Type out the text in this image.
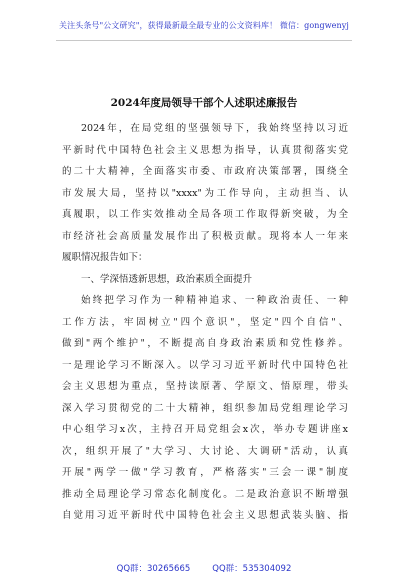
关注头条号"公文研究"，获得最新最全最专业的公文资料库！ 微信：gongwenyj
2024年度局领导干部个人述职述廉报告
2024年，在局党组的坚强领导下，我始终坚持以习近
平新时代中国特色社会主义思想为指导，认真贯彻落实党
的二十大精神，全面落实市委、市政府决策部署，围绕全
市发展大局，坚持以"xxxx"为工作导向，主动担当、认
真履职，以工作实效推动全局各项工作取得新突破，为全
市经济社会高质量发展作出了积极贡献。现将本人一年来
履职情况报告如下：
一、学深悟透新思想，政治素质全面提升
始终把学习作为一种精神追求、一种政治责任、一种
工作方法，牢固树立"四个意识"，坚定"四个自信"、
做到"两个维护"，不断提高自身政治素质和党性修养。
一是理论学习不断深入。以学习习近平新时代中国特色社
会主义思想为重点，坚持读原著、学原文、悟原理，带头
深入学习贯彻党的二十大精神，组织参加局党组理论学习
中心组学习x次，主持召开局党组会x次，举办专题讲座x
次，组织开展了"大学习、大讨论、大调研"活动，认真
开展"两学一做"学习教育，严格落实"三会一课"制度
推动全局理论学习常态化制度化。二是政治意识不断增强
自觉用习近平新时代中国特色社会主义思想武装头脑、指
QQ群：30265665	QQ群：535304092
